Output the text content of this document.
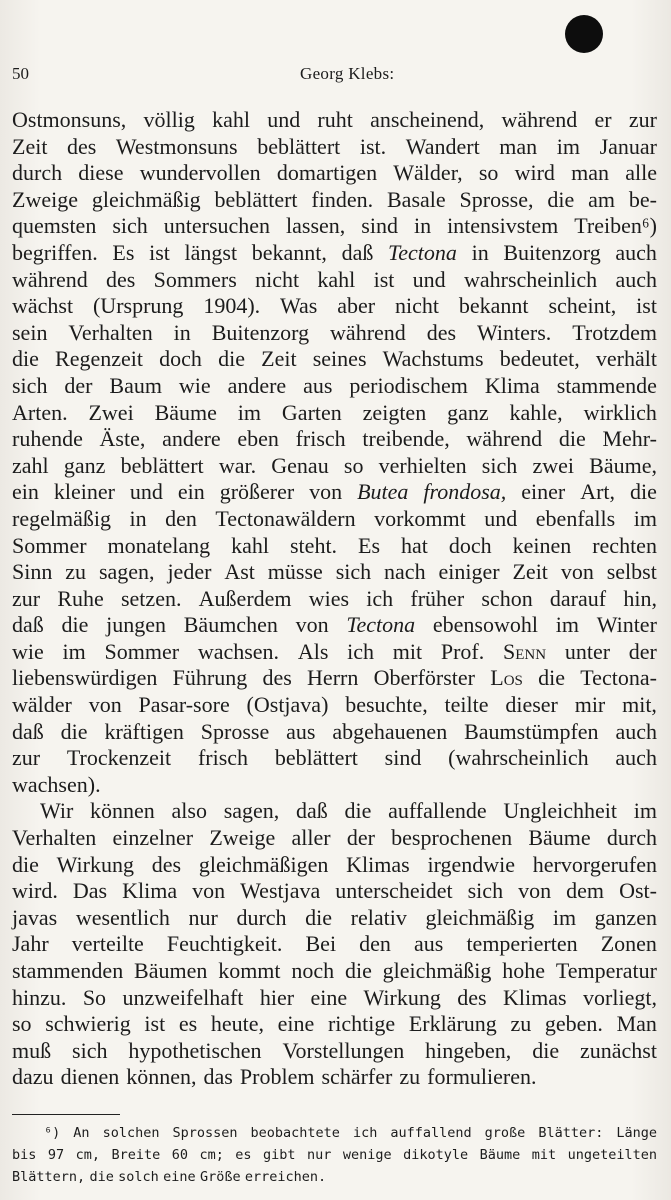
50	Georg Klebs:
Ostmonsuns, völlig kahl und ruht anscheinend, während er zur
Zeit des Westmonsuns beblättert ist. Wandert man im Januar
durch diese wundervollen domartigen Wälder, so wird man alle
Zweige gleichmäßig beblättert finden. Basale Sprosse, die am be-
quemsten sich untersuchen lassen, sind in intensivstem Treiben⁶)
begriffen. Es ist längst bekannt, daß Tectona in Buitenzorg auch
während des Sommers nicht kahl ist und wahrscheinlich auch
wächst (Ursprung 1904). Was aber nicht bekannt scheint, ist
sein Verhalten in Buitenzorg während des Winters. Trotzdem
die Regenzeit doch die Zeit seines Wachstums bedeutet, verhält
sich der Baum wie andere aus periodischem Klima stammende
Arten. Zwei Bäume im Garten zeigten ganz kahle, wirklich
ruhende Äste, andere eben frisch treibende, während die Mehr-
zahl ganz beblättert war. Genau so verhielten sich zwei Bäume,
ein kleiner und ein größerer von Butea frondosa, einer Art, die
regelmäßig in den Tectonawäldern vorkommt und ebenfalls im
Sommer monatelang kahl steht. Es hat doch keinen rechten
Sinn zu sagen, jeder Ast müsse sich nach einiger Zeit von selbst
zur Ruhe setzen. Außerdem wies ich früher schon darauf hin,
daß die jungen Bäumchen von Tectona ebensowohl im Winter
wie im Sommer wachsen. Als ich mit Prof. Senn unter der
liebenswürdigen Führung des Herrn Oberförster Los die Tectona-
wälder von Pasar-sore (Ostjava) besuchte, teilte dieser mir mit,
daß die kräftigen Sprosse aus abgehauenen Baumstümpfen auch
zur Trockenzeit frisch beblättert sind (wahrscheinlich auch
wachsen).
Wir können also sagen, daß die auffallende Ungleichheit im
Verhalten einzelner Zweige aller der besprochenen Bäume durch
die Wirkung des gleichmäßigen Klimas irgendwie hervorgerufen
wird. Das Klima von Westjava unterscheidet sich von dem Ost-
javas wesentlich nur durch die relativ gleichmäßig im ganzen
Jahr verteilte Feuchtigkeit. Bei den aus temperierten Zonen
stammenden Bäumen kommt noch die gleichmäßig hohe Temperatur
hinzu. So unzweifelhaft hier eine Wirkung des Klimas vorliegt,
so schwierig ist es heute, eine richtige Erklärung zu geben. Man
muß sich hypothetischen Vorstellungen hingeben, die zunächst
dazu dienen können, das Problem schärfer zu formulieren.
⁶) An solchen Sprossen beobachtete ich auffallend große Blätter: Länge
bis 97 cm, Breite 60 cm; es gibt nur wenige dikotyle Bäume mit ungeteilten
Blättern, die solch eine Größe erreichen.
